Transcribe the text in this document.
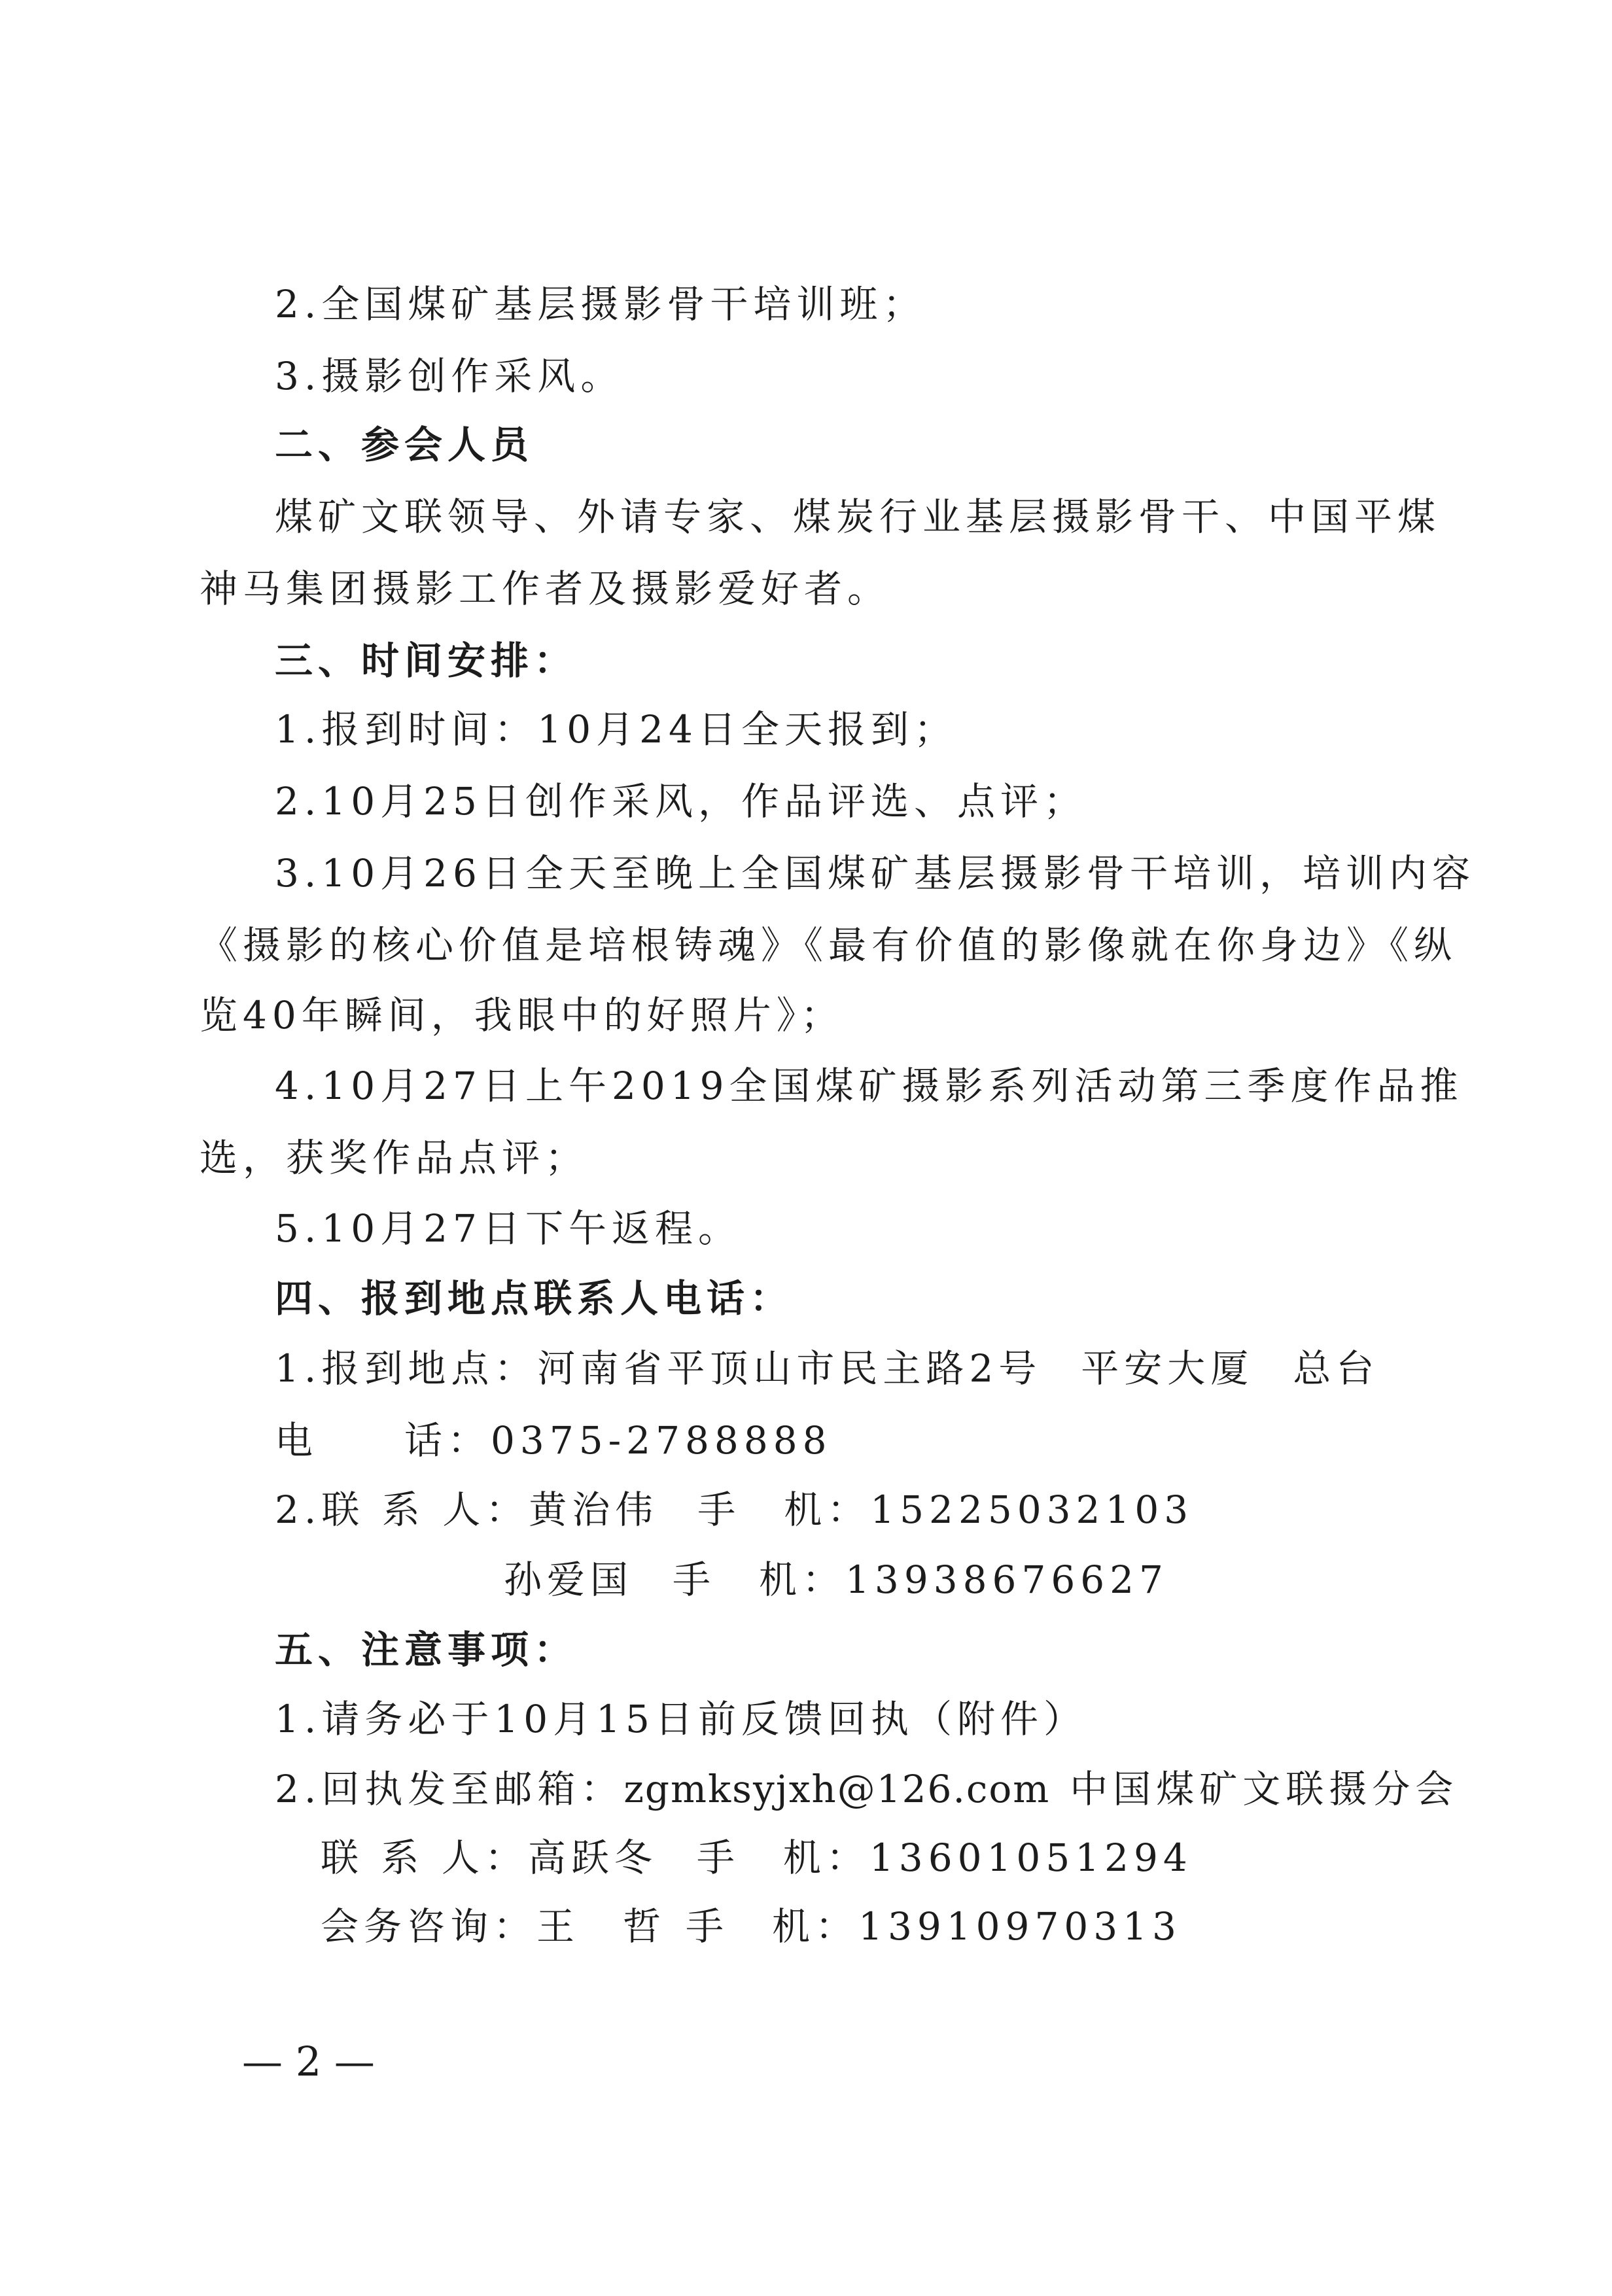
2.全国煤矿基层摄影骨干培训班；
3.摄影创作采风。
二、参会人员
煤矿文联领导、外请专家、煤炭行业基层摄影骨干、中国平煤
神马集团摄影工作者及摄影爱好者。
三、时间安排：
1.报到时间：10月24日全天报到；
2.10月25日创作采风，作品评选、点评；
3.10月26日全天至晚上全国煤矿基层摄影骨干培训，培训内容
《摄影的核心价值是培根铸魂》《最有价值的影像就在你身边》《纵
览40年瞬间，我眼中的好照片》；
4.10月27日上午2019全国煤矿摄影系列活动第三季度作品推
选，获奖作品点评；
5.10月27日下午返程。
四、报到地点联系人电话：
1.报到地点：河南省平顶山市民主路2号 平安大厦 总台
电　　话：0375-2788888
2.联 系 人：黄治伟 手　机：15225032103
孙爱国 手　机：13938676627
五、注意事项：
1.请务必于10月15日前反馈回执（附件）
2.回执发至邮箱：zgmksyjxh@126.com 中国煤矿文联摄分会
联 系 人：高跃冬 手　机：13601051294
会务咨询：王　哲 手　机：13910970313
— 2 —
